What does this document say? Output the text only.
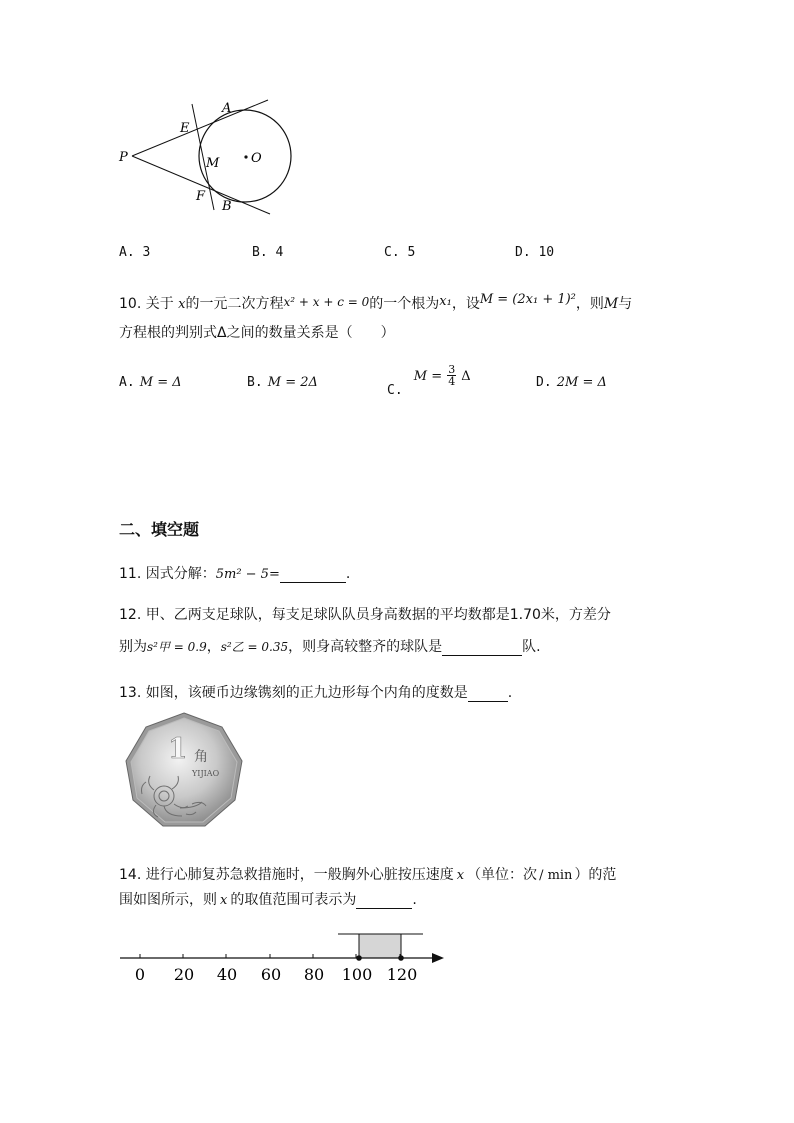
A
E
P	M O
F
B
A. 3	B. 4	C. 5	D. 10
10. 关于 x的一元二次方程x² + x + c = 0的一个根为x₁，设M = (2x₁ + 1)²，则M与
方程根的判别式Δ之间的数量关系是（　　）
A. M = Δ	B. M = 2Δ
$_{C.}$ $M = \frac{3}{4}$ Δ	D. 2M = Δ
二、填空题
11. 因式分解：5m² − 5=	.
12. 甲、乙两支足球队，每支足球队队员身高数据的平均数都是1.70米，方差分
别为s²甲 = 0.9，s²乙 = 0.35，则身高较整齐的球队是	队.
13. 如图，该硬币边缘镌刻的正九边形每个内角的度数是	.
1 角
YIJIAO
14. 进行心肺复苏急救措施时，一般胸外心脏按压速度 x （单位：次 / min ）的范
围如图所示，则 x 的取值范围可表示为	.
0 20 40 60 80 100 120
